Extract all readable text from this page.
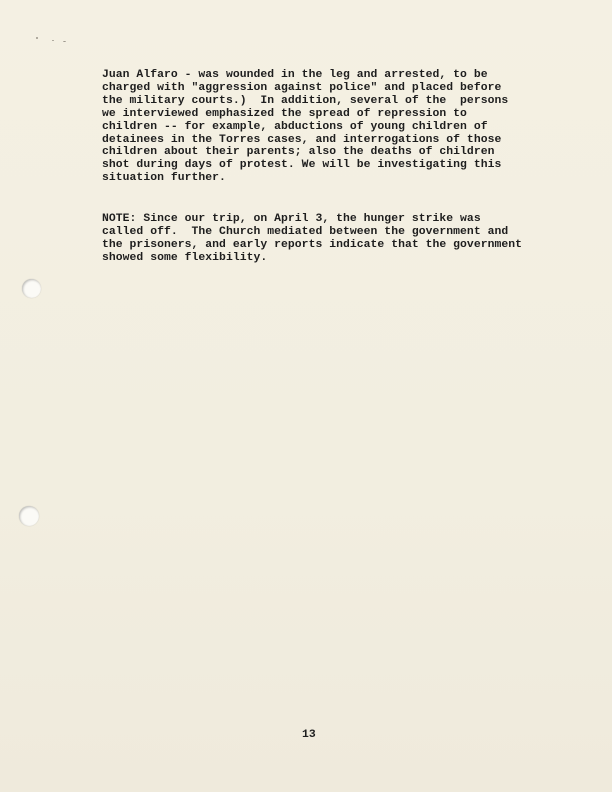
Juan Alfaro - was wounded in the leg and arrested, to be
charged with "aggression against police" and placed before
the military courts.)  In addition, several of the  persons
we interviewed emphasized the spread of repression to
children -- for example, abductions of young children of
detainees in the Torres cases, and interrogations of those
children about their parents; also the deaths of children
shot during days of protest. We will be investigating this
situation further.
NOTE: Since our trip, on April 3, the hunger strike was
called off.  The Church mediated between the government and
the prisoners, and early reports indicate that the government
showed some flexibility.
13
